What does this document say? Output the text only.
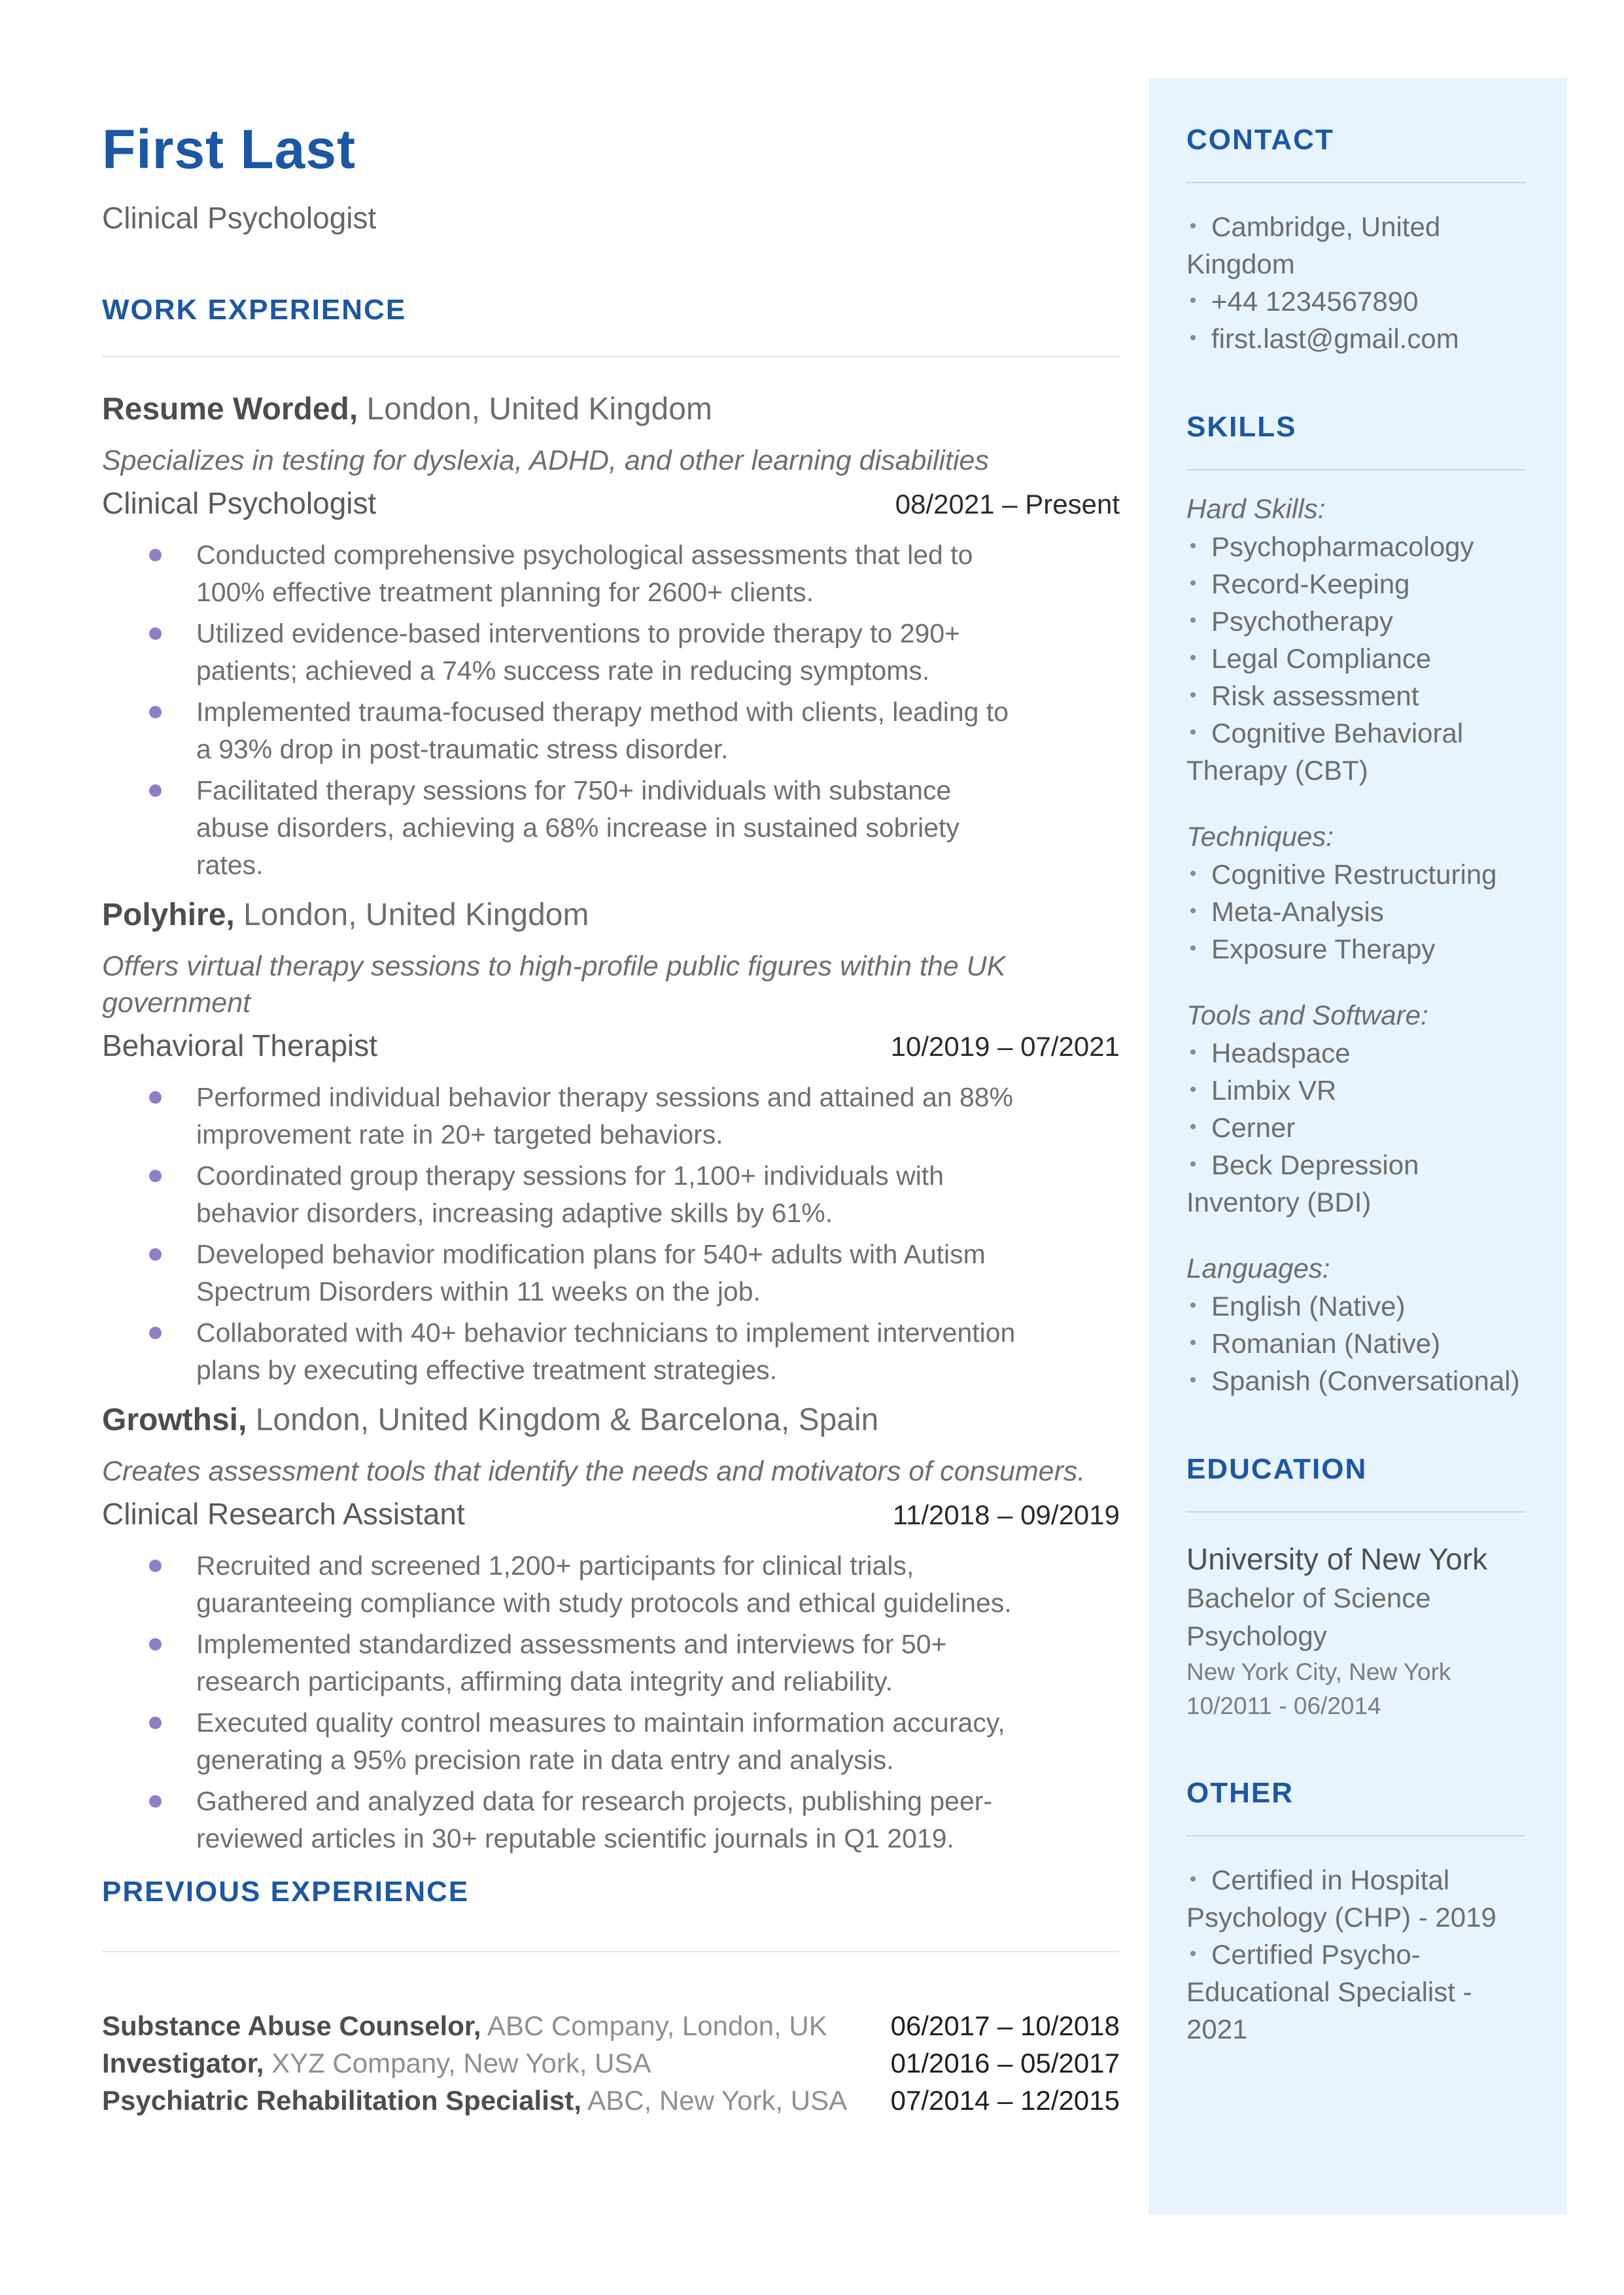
First Last
Clinical Psychologist
WORK EXPERIENCE
Resume Worded, London, United Kingdom
Specializes in testing for dyslexia, ADHD, and other learning disabilities
Clinical Psychologist	08/2021 – Present
Conducted comprehensive psychological assessments that led to 100% effective treatment planning for 2600+ clients.
Utilized evidence-based interventions to provide therapy to 290+ patients; achieved a 74% success rate in reducing symptoms.
Implemented trauma-focused therapy method with clients, leading to a 93% drop in post-traumatic stress disorder.
Facilitated therapy sessions for 750+ individuals with substance abuse disorders, achieving a 68% increase in sustained sobriety rates.
Polyhire, London, United Kingdom
Offers virtual therapy sessions to high-profile public figures within the UK government
Behavioral Therapist	10/2019 – 07/2021
Performed individual behavior therapy sessions and attained an 88% improvement rate in 20+ targeted behaviors.
Coordinated group therapy sessions for 1,100+ individuals with behavior disorders, increasing adaptive skills by 61%.
Developed behavior modification plans for 540+ adults with Autism Spectrum Disorders within 11 weeks on the job.
Collaborated with 40+ behavior technicians to implement intervention plans by executing effective treatment strategies.
Growthsi, London, United Kingdom & Barcelona, Spain
Creates assessment tools that identify the needs and motivators of consumers.
Clinical Research Assistant	11/2018 – 09/2019
Recruited and screened 1,200+ participants for clinical trials, guaranteeing compliance with study protocols and ethical guidelines.
Implemented standardized assessments and interviews for 50+ research participants, affirming data integrity and reliability.
Executed quality control measures to maintain information accuracy, generating a 95% precision rate in data entry and analysis.
Gathered and analyzed data for research projects, publishing peer-reviewed articles in 30+ reputable scientific journals in Q1 2019.
PREVIOUS EXPERIENCE
Substance Abuse Counselor, ABC Company, London, UK 06/2017 – 10/2018
Investigator, XYZ Company, New York, USA	01/2016 – 05/2017
Psychiatric Rehabilitation Specialist, ABC, New York, USA 07/2014 – 12/2015
CONTACT
Cambridge, United Kingdom
+44 1234567890
first.last@gmail.com
SKILLS
Hard Skills:
Psychopharmacology
Record-Keeping
Psychotherapy
Legal Compliance
Risk assessment
Cognitive Behavioral Therapy (CBT)
Techniques:
Cognitive Restructuring
Meta-Analysis
Exposure Therapy
Tools and Software:
Headspace
Limbix VR
Cerner
Beck Depression Inventory (BDI)
Languages:
English (Native)
Romanian (Native)
Spanish (Conversational)
EDUCATION
University of New York
Bachelor of Science
Psychology
New York City, New York
10/2011 - 06/2014
OTHER
Certified in Hospital Psychology (CHP) - 2019
Certified Psycho-Educational Specialist - 2021
